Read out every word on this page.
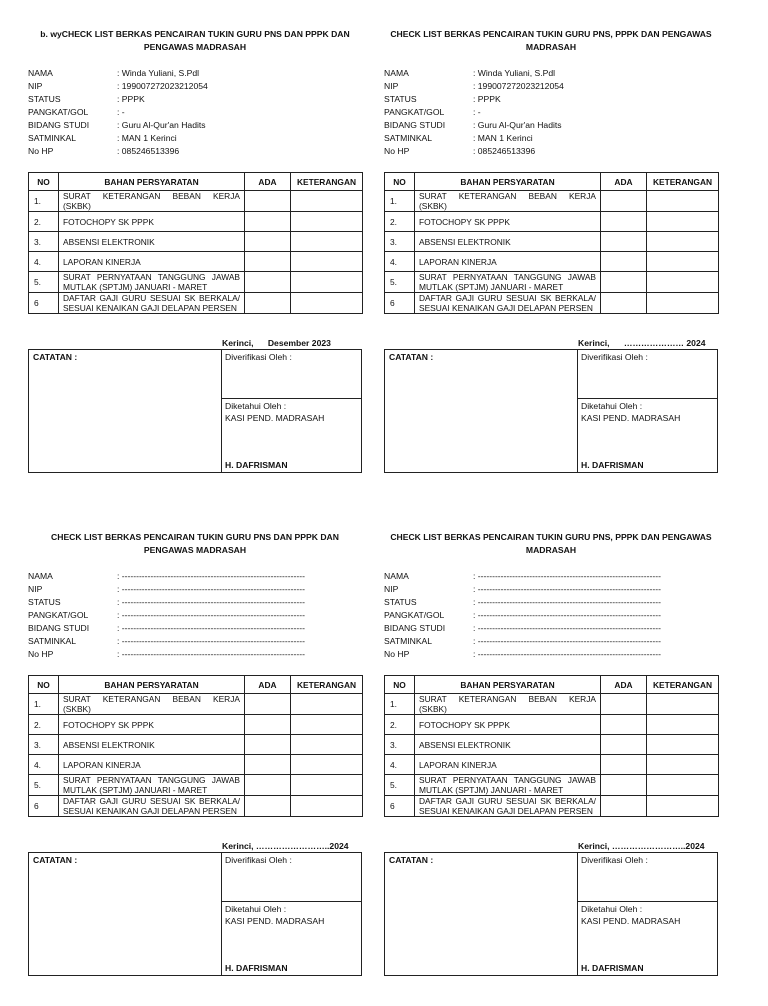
b. wyCHECK LIST BERKAS PENCAIRAN TUKIN GURU PNS DAN PPPK DAN PENGAWAS MADRASAH
NAMA	: Winda Yuliani, S.Pdl
NIP	: 199007272023212054
STATUS	: PPPK
PANGKAT/GOL	: -
BIDANG STUDI	: Guru Al-Qur'an Hadits
SATMINKAL	: MAN 1 Kerinci
No HP	: 085246513396
NO	BAHAN PERSYARATAN	ADA	KETERANGAN
1.	SURAT KETERANGAN BEBAN KERJA (SKBK)		
2.	FOTOCHOPY SK PPPK		
3.	ABSENSI ELEKTRONIK		
4.	LAPORAN KINERJA		
5.	SURAT PERNYATAAN TANGGUNG JAWAB MUTLAK (SPTJM) JANUARI - MARET		
6	DAFTAR GAJI GURU SESUAI SK BERKALA/ SESUAI KENAIKAN GAJI DELAPAN PERSEN		
Kerinci,      Desember 2023
CATATAN :	Diverifikasi Oleh :
Diketahui Oleh :
KASI PEND. MADRASAH
H. DAFRISMAN
CHECK LIST BERKAS PENCAIRAN TUKIN GURU PNS, PPPK DAN PENGAWAS MADRASAH
NAMA	: Winda Yuliani, S.Pdl
NIP	: 199007272023212054
STATUS	: PPPK
PANGKAT/GOL	: -
BIDANG STUDI	: Guru Al-Qur'an Hadits
SATMINKAL	: MAN 1 Kerinci
No HP	: 085246513396
NO	BAHAN PERSYARATAN	ADA	KETERANGAN
1.	SURAT KETERANGAN BEBAN KERJA (SKBK)		
2.	FOTOCHOPY SK PPPK		
3.	ABSENSI ELEKTRONIK		
4.	LAPORAN KINERJA		
5.	SURAT PERNYATAAN TANGGUNG JAWAB MUTLAK (SPTJM) JANUARI - MARET		
6	DAFTAR GAJI GURU SESUAI SK BERKALA/ SESUAI KENAIKAN GAJI DELAPAN PERSEN		
Kerinci,      ………………… 2024
CATATAN :	Diverifikasi Oleh :
Diketahui Oleh :
KASI PEND. MADRASAH
H. DAFRISMAN
CHECK LIST BERKAS PENCAIRAN TUKIN GURU PNS DAN PPPK DAN PENGAWAS MADRASAH
NAMA	: ----------------------------------------------------------------
NIP	: ----------------------------------------------------------------
STATUS	: ----------------------------------------------------------------
PANGKAT/GOL	: ----------------------------------------------------------------
BIDANG STUDI	: ----------------------------------------------------------------
SATMINKAL	: ----------------------------------------------------------------
No HP	: ----------------------------------------------------------------
NO	BAHAN PERSYARATAN	ADA	KETERANGAN
1.	SURAT KETERANGAN BEBAN KERJA (SKBK)		
2.	FOTOCHOPY SK PPPK		
3.	ABSENSI ELEKTRONIK		
4.	LAPORAN KINERJA		
5.	SURAT PERNYATAAN TANGGUNG JAWAB MUTLAK (SPTJM) JANUARI - MARET		
6	DAFTAR GAJI GURU SESUAI SK BERKALA/ SESUAI KENAIKAN GAJI DELAPAN PERSEN		
Kerinci, ……………………..2024
CATATAN :	Diverifikasi Oleh :
Diketahui Oleh :
KASI PEND. MADRASAH
H. DAFRISMAN
CHECK LIST BERKAS PENCAIRAN TUKIN GURU PNS, PPPK DAN PENGAWAS MADRASAH
NAMA	: ----------------------------------------------------------------
NIP	: ----------------------------------------------------------------
STATUS	: ----------------------------------------------------------------
PANGKAT/GOL	: ----------------------------------------------------------------
BIDANG STUDI	: ----------------------------------------------------------------
SATMINKAL	: ----------------------------------------------------------------
No HP	: ----------------------------------------------------------------
NO	BAHAN PERSYARATAN	ADA	KETERANGAN
1.	SURAT KETERANGAN BEBAN KERJA (SKBK)		
2.	FOTOCHOPY SK PPPK		
3.	ABSENSI ELEKTRONIK		
4.	LAPORAN KINERJA		
5.	SURAT PERNYATAAN TANGGUNG JAWAB MUTLAK (SPTJM) JANUARI - MARET		
6	DAFTAR GAJI GURU SESUAI SK BERKALA/ SESUAI KENAIKAN GAJI DELAPAN PERSEN		
Kerinci, ……………………..2024
CATATAN :	Diverifikasi Oleh :
Diketahui Oleh :
KASI PEND. MADRASAH
H. DAFRISMAN
